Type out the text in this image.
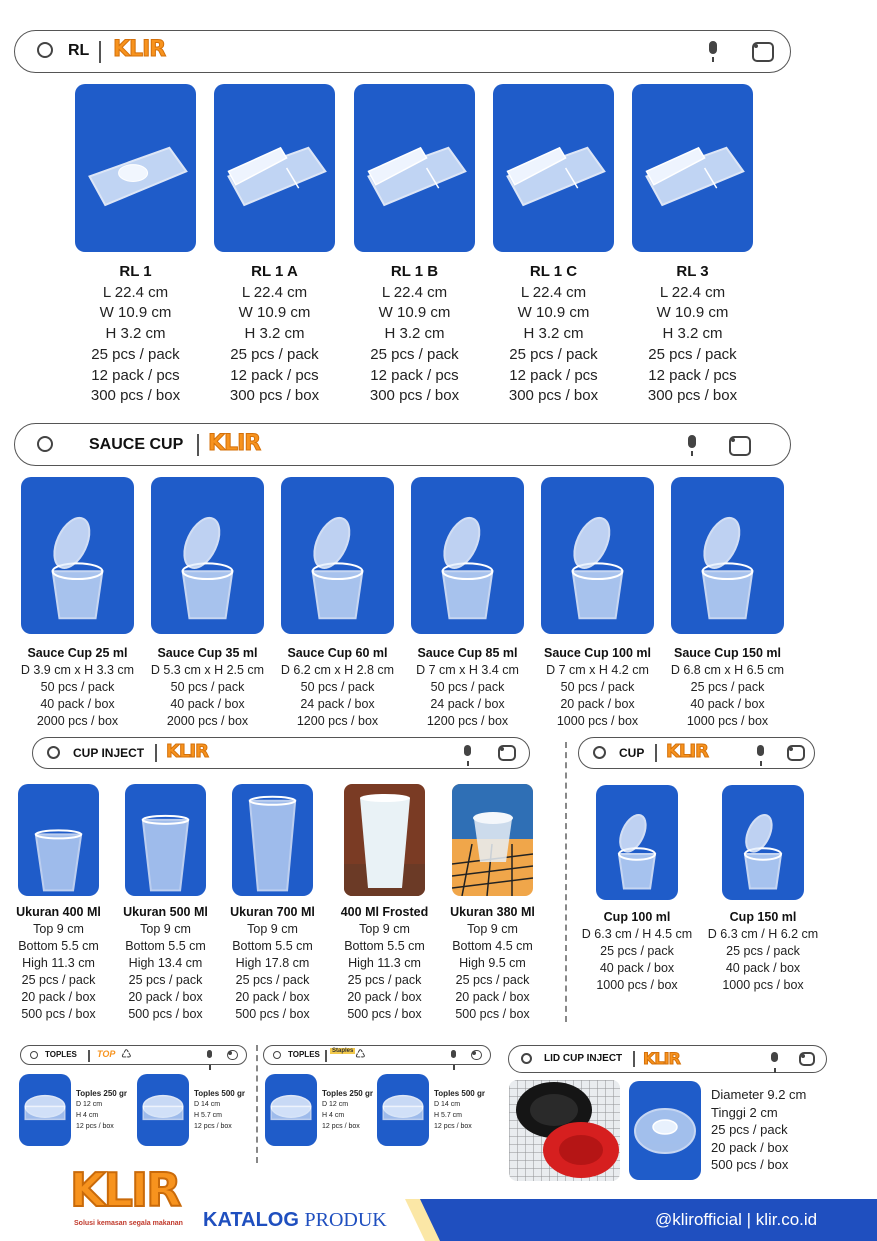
RL KLIR
RL 1
L 22.4 cm
W 10.9 cm
H 3.2 cm
25 pcs / pack
12 pack / pcs
300 pcs / box
RL 1 A
L 22.4 cm
W 10.9 cm
H 3.2 cm
25 pcs / pack
12 pack / pcs
300 pcs / box
RL 1 B
L 22.4 cm
W 10.9 cm
H 3.2 cm
25 pcs / pack
12 pack / pcs
300 pcs / box
RL 1 C
L 22.4 cm
W 10.9 cm
H 3.2 cm
25 pcs / pack
12 pack / pcs
300 pcs / box
RL 3
L 22.4 cm
W 10.9 cm
H 3.2 cm
25 pcs / pack
12 pack / pcs
300 pcs / box
SAUCE CUP KLIR
Sauce Cup 25 ml
D 3.9 cm x H 3.3 cm
50 pcs / pack
40 pack / box
2000 pcs / box
Sauce Cup 35 ml
D 5.3 cm x H 2.5 cm
50 pcs / pack
40 pack / box
2000 pcs / box
Sauce Cup 60 ml
D 6.2 cm x H 2.8 cm
50 pcs / pack
24 pack / box
1200 pcs / box
Sauce Cup 85 ml
D 7 cm x H 3.4 cm
50 pcs / pack
24 pack / box
1200 pcs / box
Sauce Cup 100 ml
D 7 cm x H 4.2 cm
50 pcs / pack
20 pack / box
1000 pcs / box
Sauce Cup 150 ml
D 6.8 cm x H 6.5 cm
25 pcs / pack
40 pack / box
1000 pcs / box
CUP INJECT KLIR	CUP KLIR
Ukuran 400 Ml
Top 9 cm
Bottom 5.5 cm
High 11.3 cm
25 pcs / pack
20 pack / box
500 pcs / box
Ukuran 500 Ml
Top 9 cm
Bottom 5.5 cm
High 13.4 cm
25 pcs / pack
20 pack / box
500 pcs / box
Ukuran 700 Ml
Top 9 cm
Bottom 5.5 cm
High 17.8 cm
25 pcs / pack
20 pack / box
500 pcs / box
400 Ml Frosted
Top 9 cm
Bottom 5.5 cm
High 11.3 cm
25 pcs / pack
20 pack / box
500 pcs / box
Ukuran 380 Ml
Top 9 cm
Bottom 4.5 cm
High 9.5 cm
25 pcs / pack
20 pack / box
500 pcs / box
Cup 100 ml
D 6.3 cm / H 4.5 cm
25 pcs / pack
40 pack / box
1000 pcs / box
Cup 150 ml
D 6.3 cm / H 6.2 cm
25 pcs / pack
40 pack / box
1000 pcs / box
TOPLES TOP ♺	TOPLES	Staples ♺
Toples 250 gr
D 12 cm
H 4 cm
12 pcs / box
Toples 500 gr
D 14 cm
H 5.7 cm
12 pcs / box
Toples 250 gr
D 12 cm
H 4 cm
12 pcs / box
Toples 500 gr
D 14 cm
H 5.7 cm
12 pcs / box
LID CUP INJECT KLIR
Diameter 9.2 cm
Tinggi 2 cm
25 pcs / pack
20 pack / box
500 pcs / box
KLIR
Solusi kemasan segala makanan KATALOG PRODUK	@klirofficial | klir.co.id
